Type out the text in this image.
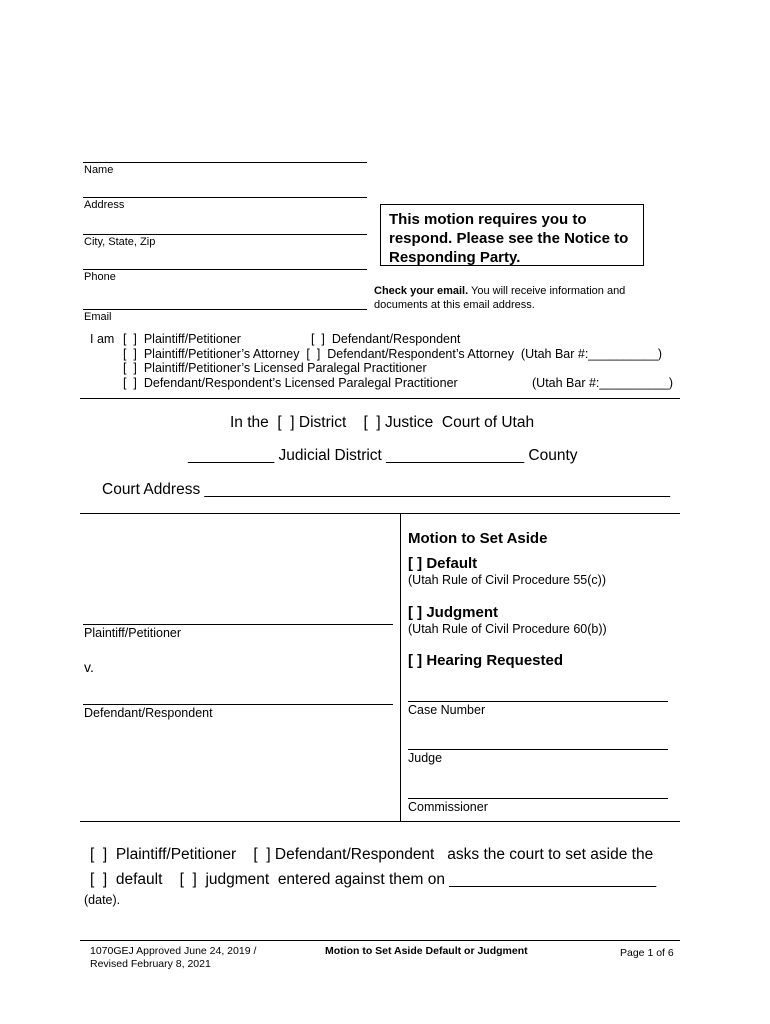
Name
Address
City, State, Zip
Phone
Email
This motion requires you to respond. Please see the Notice to Responding Party.
Check your email. You will receive information and documents at this email address.
I am [  ]  Plaintiff/Petitioner	[  ]  Defendant/Respondent
[  ]  Plaintiff/Petitioner’s Attorney  [  ]  Defendant/Respondent’s Attorney  (Utah Bar #:__________)
[  ]  Plaintiff/Petitioner’s Licensed Paralegal Practitioner
[  ]  Defendant/Respondent’s Licensed Paralegal Practitioner	(Utah Bar #:__________)
In the  [  ] District    [  ] Justice  Court of Utah
__________ Judicial District ________________ County
Court Address ______________________________________________________
Plaintiff/Petitioner
v.
Defendant/Respondent
Motion to Set Aside
[ ] Default
(Utah Rule of Civil Procedure 55(c))
[ ] Judgment
(Utah Rule of Civil Procedure 60(b))
[ ] Hearing Requested
Case Number
Judge
Commissioner
[  ]  Plaintiff/Petitioner    [  ] Defendant/Respondent   asks the court to set aside the
[  ]  default    [  ]  judgment  entered against them on ________________________
(date).
1070GEJ Approved June 24, 2019 /
Revised February 8, 2021
Motion to Set Aside Default or Judgment	Page 1 of 6
